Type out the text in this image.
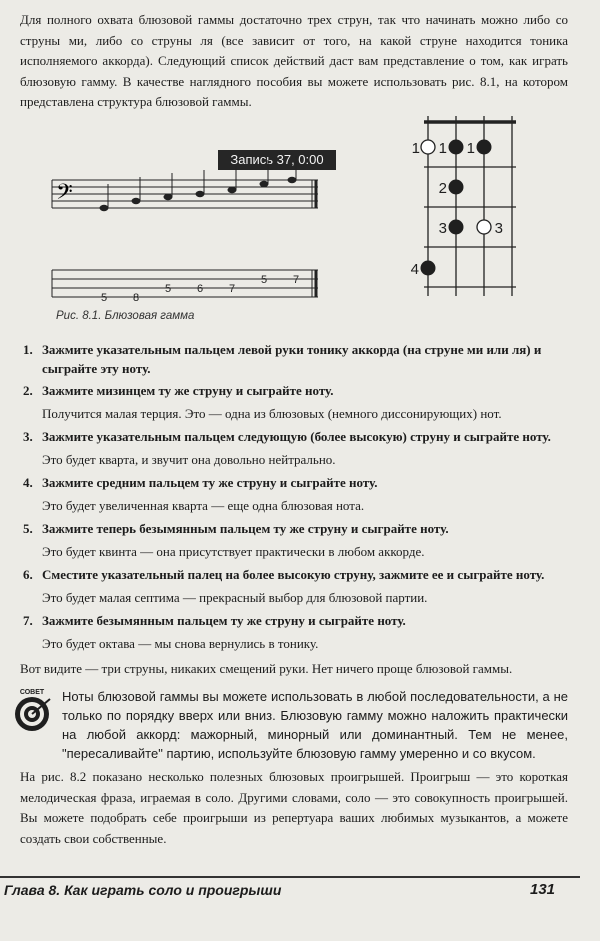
Для полного охвата блюзовой гаммы достаточно трех струн, так что начинать можно либо со струны ми, либо со струны ля (все зависит от того, на какой струне находится тоника исполняемого аккорда). Следующий список действий даст вам представление о том, как играть блюзовую гамму. В качестве наглядного пособия вы можете использовать рис. 8.1, на котором представлена структура блюзовой гаммы.
Запись 37, 0:00
𝄢
5 8
5 6 7
5 7
1 1 1
2
3	3
4
Рис. 8.1. Блюзовая гамма
1. Зажмите указательным пальцем левой руки тонику аккорда (на струне ми или ля) и сыграйте эту ноту.
2. Зажмите мизинцем ту же струну и сыграйте ноту.
Получится малая терция. Это — одна из блюзовых (немного диссонирующих) нот.
3. Зажмите указательным пальцем следующую (более высокую) струну и сыграйте ноту.
Это будет кварта, и звучит она довольно нейтрально.
4. Зажмите средним пальцем ту же струну и сыграйте ноту.
Это будет увеличенная кварта — еще одна блюзовая нота.
5. Зажмите теперь безымянным пальцем ту же струну и сыграйте ноту.
Это будет квинта — она присутствует практически в любом аккорде.
6. Сместите указательный палец на более высокую струну, зажмите ее и сыграйте ноту.
Это будет малая септима — прекрасный выбор для блюзовой партии.
7. Зажмите безымянным пальцем ту же струну и сыграйте ноту.
Это будет октава — мы снова вернулись в тонику.
Вот видите — три струны, никаких смещений руки. Нет ничего проще блюзовой гаммы.
СОВЕТ Ноты блюзовой гаммы вы можете использовать в любой последовательности, а не только по порядку вверх или вниз. Блюзовую гамму можно наложить практически на любой аккорд: мажорный, минорный или доминантный. Тем не менее, "пересаливайте" партию, используйте блюзовую гамму умеренно и со вкусом.
На рис. 8.2 показано несколько полезных блюзовых проигрышей. Проигрыш — это короткая мелодическая фраза, играемая в соло. Другими словами, соло — это совокупность проигрышей. Вы можете подобрать себе проигрыши из репертуара ваших любимых музыкантов, а можете создать свои собственные.
Глава 8. Как играть соло и проигрыши	131
